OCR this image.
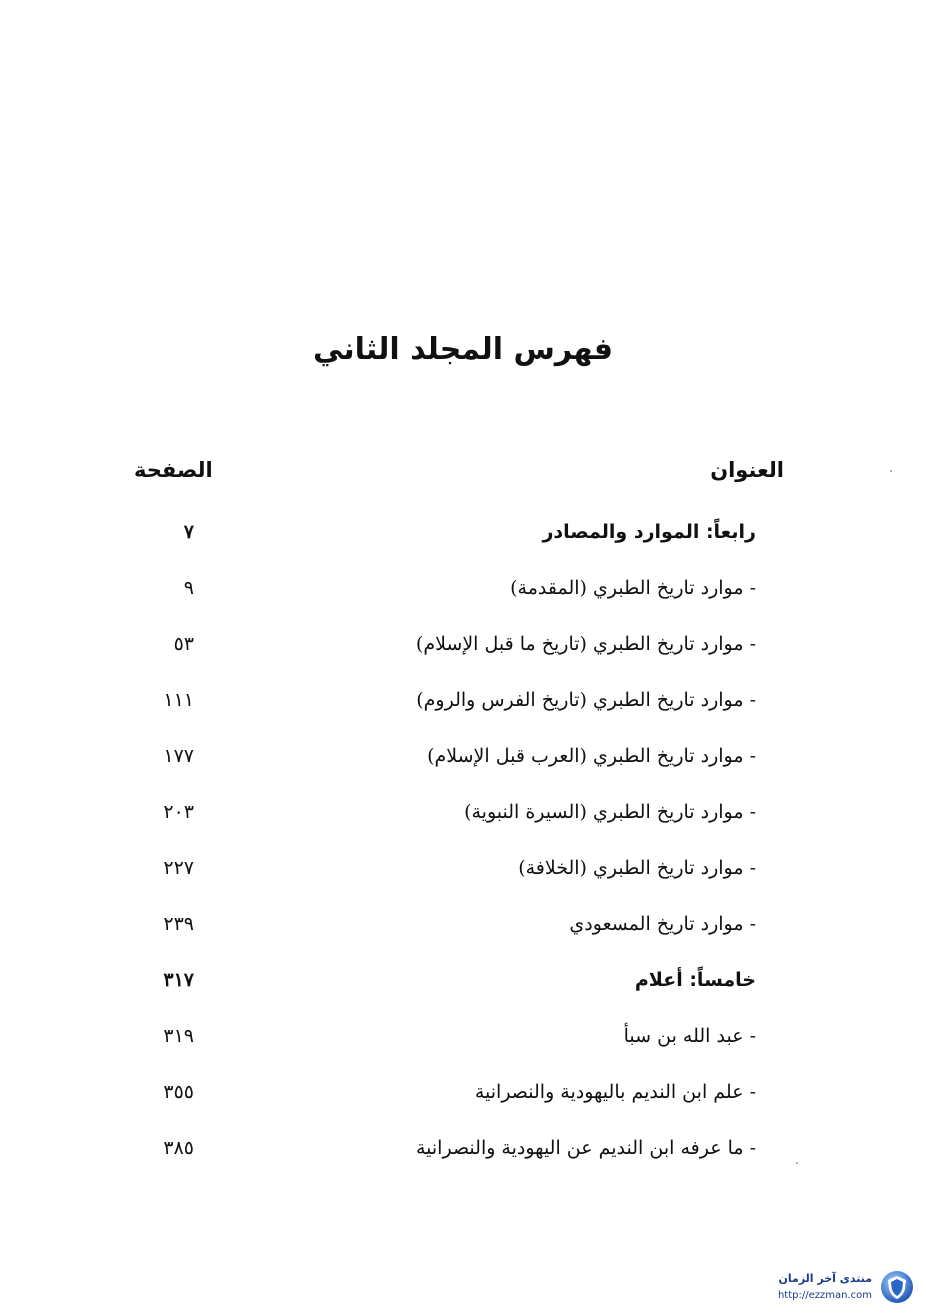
فهرس المجلد الثاني
العنوان
الصفحة
رابعاً: الموارد والمصادر
٧
- موارد تاريخ الطبري (المقدمة)
٩
- موارد تاريخ الطبري (تاريخ ما قبل الإسلام)
٥٣
- موارد تاريخ الطبري (تاريخ الفرس والروم)
١١١
- موارد تاريخ الطبري (العرب قبل الإسلام)
١٧٧
- موارد تاريخ الطبري (السيرة النبوية)
٢٠٣
- موارد تاريخ الطبري (الخلافة)
٢٢٧
- موارد تاريخ المسعودي
٢٣٩
خامساً: أعلام
٣١٧
- عبد الله بن سبأ
٣١٩
- علم ابن النديم باليهودية والنصرانية
٣٥٥
- ما عرفه ابن النديم عن اليهودية والنصرانية
٣٨٥
منتدى آخر الزمان
http://ezzman.com
